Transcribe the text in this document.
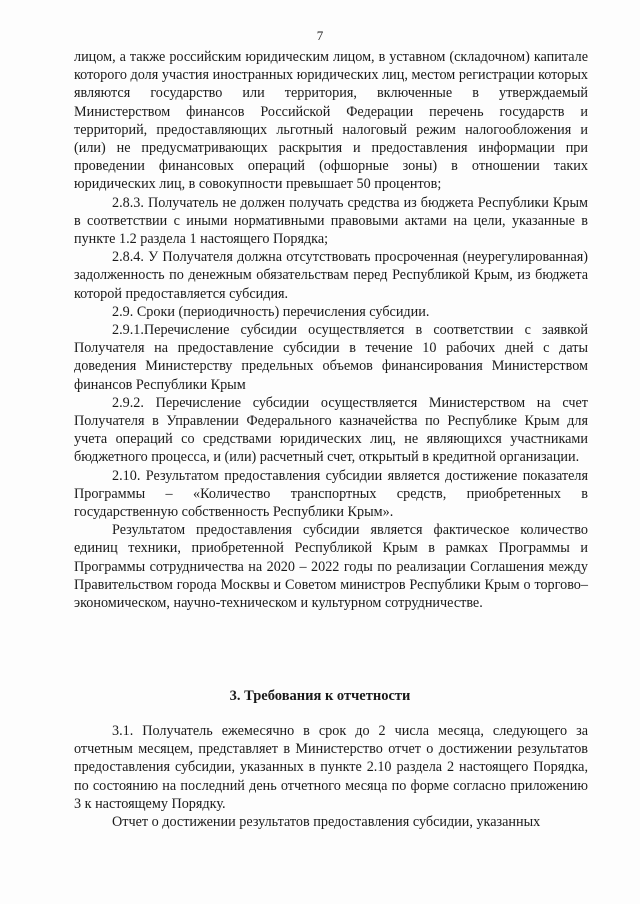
7

лицом, а также российским юридическим лицом, в уставном (складочном) капитале которого доля участия иностранных юридических лиц, местом регистрации которых являются государство или территория, включенные в утверждаемый Министерством финансов Российской Федерации перечень государств и территорий, предоставляющих льготный налоговый режим налогообложения и (или) не предусматривающих раскрытия и предоставления информации при проведении финансовых операций (офшорные зоны) в отношении таких юридических лиц, в совокупности превышает 50 процентов;

2.8.3. Получатель не должен получать средства из бюджета Республики Крым в соответствии с иными нормативными правовыми актами на цели, указанные в пункте 1.2 раздела 1 настоящего Порядка;

2.8.4. У Получателя должна отсутствовать просроченная (неурегулированная) задолженность по денежным обязательствам перед Республикой Крым, из бюджета которой предоставляется субсидия.

2.9. Сроки (периодичность) перечисления субсидии.

2.9.1.Перечисление субсидии осуществляется в соответствии с заявкой Получателя на предоставление субсидии в течение 10 рабочих дней с даты доведения Министерству предельных объемов финансирования Министерством финансов Республики Крым

2.9.2. Перечисление субсидии осуществляется Министерством на счет Получателя в Управлении Федерального казначейства по Республике Крым для учета операций со средствами юридических лиц, не являющихся участниками бюджетного процесса, и (или) расчетный счет, открытый в кредитной организации.

2.10. Результатом предоставления субсидии является достижение показателя Программы – «Количество транспортных средств, приобретенных в государственную собственность Республики Крым».

Результатом предоставления субсидии является фактическое количество единиц техники, приобретенной Республикой Крым в рамках Программы и Программы сотрудничества на 2020 – 2022 годы по реализации Соглашения между Правительством города Москвы и Советом министров Республики Крым о торгово–экономическом, научно-техническом и культурном сотрудничестве.

3. Требования к отчетности

3.1. Получатель ежемесячно в срок до 2 числа месяца, следующего за отчетным месяцем, представляет в Министерство отчет о достижении результатов предоставления субсидии, указанных в пункте 2.10 раздела 2 настоящего Порядка, по состоянию на последний день отчетного месяца по форме согласно приложению 3 к настоящему Порядку.

Отчет о достижении результатов предоставления субсидии, указанных
